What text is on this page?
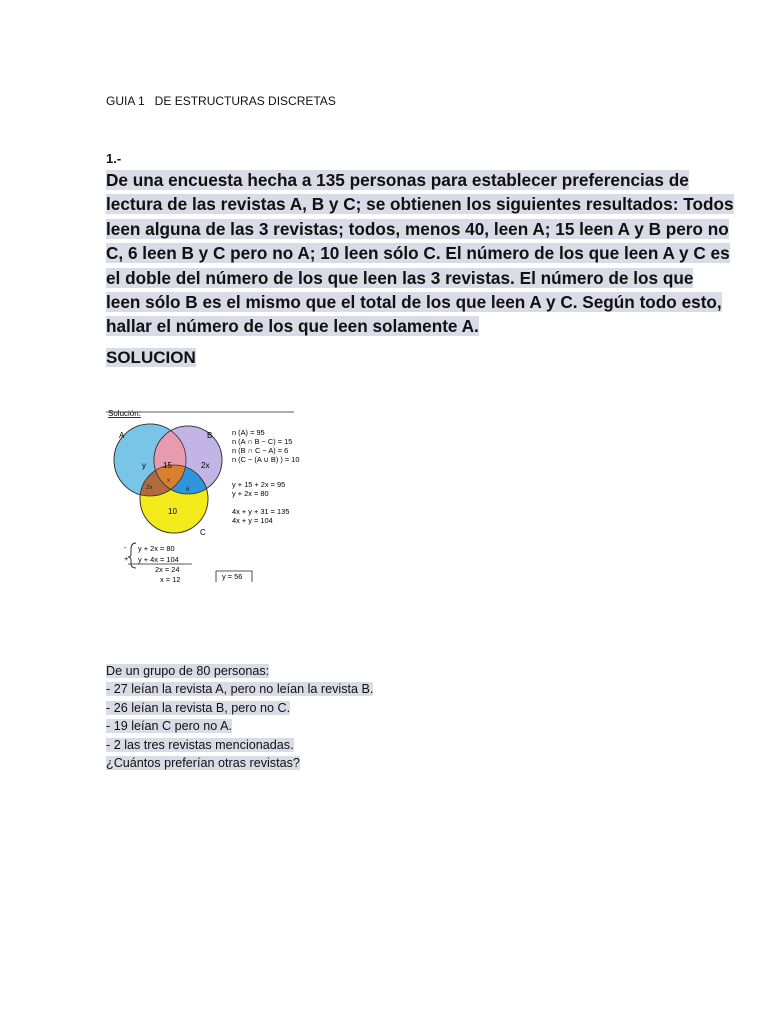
GUIA 1   DE ESTRUCTURAS DISCRETAS
1.-
De una encuesta hecha a 135 personas para establecer preferencias de
lectura de las revistas A, B y C; se obtienen los siguientes resultados: Todos
leen alguna de las 3 revistas; todos, menos 40, leen A; 15 leen A y B pero no
C, 6 leen B y C pero no A; 10 leen sólo C. El número de los que leen A y C es
el doble del número de los que leen las 3 revistas. El número de los que
leen sólo B es el mismo que el total de los que leen A y C. Según todo esto,
hallar el número de los que leen solamente A.
SOLUCION
Solución:
A	B
C
y 15	2x
2x
x
6
10
n (A) = 95
n (A ∩ B − C) = 15
n (B ∩ C − A) = 6
n (C − (A ∪ B) ) = 10
y + 15 + 2x = 95
y + 2x = 80
4x + y + 31 = 135
4x + y = 104
-
+
y + 2x = 80
y + 4x = 104
2x = 24
x = 12	y = 56
De un grupo de 80 personas:
- 27 leían la revista A, pero no leían la revista B.
- 26 leían la revista B, pero no C.
- 19 leían C pero no A.
- 2 las tres revistas mencionadas.
¿Cuántos preferían otras revistas?
